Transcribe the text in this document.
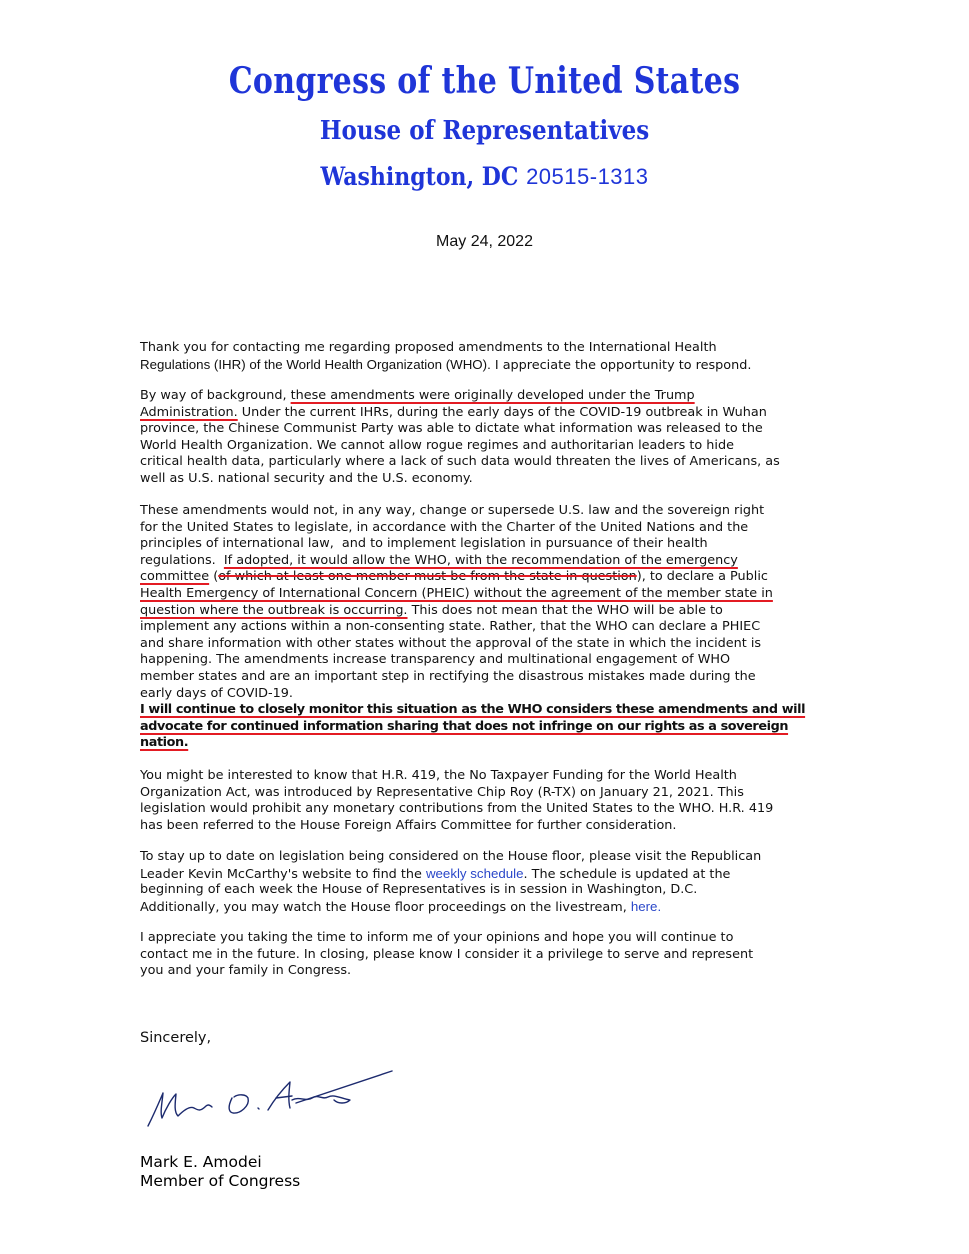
Congress of the United States
House of Representatives
Washington, DC 20515-1313
May 24, 2022
Thank you for contacting me regarding proposed amendments to the International Health
Regulations (IHR) of the World Health Organization (WHO). I appreciate the opportunity to respond.
By way of background, these amendments were originally developed under the Trump
Administration. Under the current IHRs, during the early days of the COVID-19 outbreak in Wuhan
province, the Chinese Communist Party was able to dictate what information was released to the
World Health Organization. We cannot allow rogue regimes and authoritarian leaders to hide
critical health data, particularly where a lack of such data would threaten the lives of Americans, as
well as U.S. national security and the U.S. economy.
These amendments would not, in any way, change or supersede U.S. law and the sovereign right
for the United States to legislate, in accordance with the Charter of the United Nations and the
principles of international law,  and to implement legislation in pursuance of their health
regulations.  If adopted, it would allow the WHO, with the recommendation of the emergency
committee (of which at least one member must be from the state in question), to declare a Public
Health Emergency of International Concern (PHEIC) without the agreement of the member state in
question where the outbreak is occurring. This does not mean that the WHO will be able to
implement any actions within a non-consenting state. Rather, that the WHO can declare a PHIEC
and share information with other states without the approval of the state in which the incident is
happening. The amendments increase transparency and multinational engagement of WHO
member states and are an important step in rectifying the disastrous mistakes made during the
early days of COVID-19.
I will continue to closely monitor this situation as the WHO considers these amendments and will
advocate for continued information sharing that does not infringe on our rights as a sovereign
nation.
You might be interested to know that H.R. 419, the No Taxpayer Funding for the World Health
Organization Act, was introduced by Representative Chip Roy (R-TX) on January 21, 2021. This
legislation would prohibit any monetary contributions from the United States to the WHO. H.R. 419
has been referred to the House Foreign Affairs Committee for further consideration.
To stay up to date on legislation being considered on the House floor, please visit the Republican
Leader Kevin McCarthy's website to find the weekly schedule. The schedule is updated at the
beginning of each week the House of Representatives is in session in Washington, D.C.
Additionally, you may watch the House floor proceedings on the livestream, here.
I appreciate you taking the time to inform me of your opinions and hope you will continue to
contact me in the future. In closing, please know I consider it a privilege to serve and represent
you and your family in Congress.
Sincerely,
Mark E. Amodei
Member of Congress
